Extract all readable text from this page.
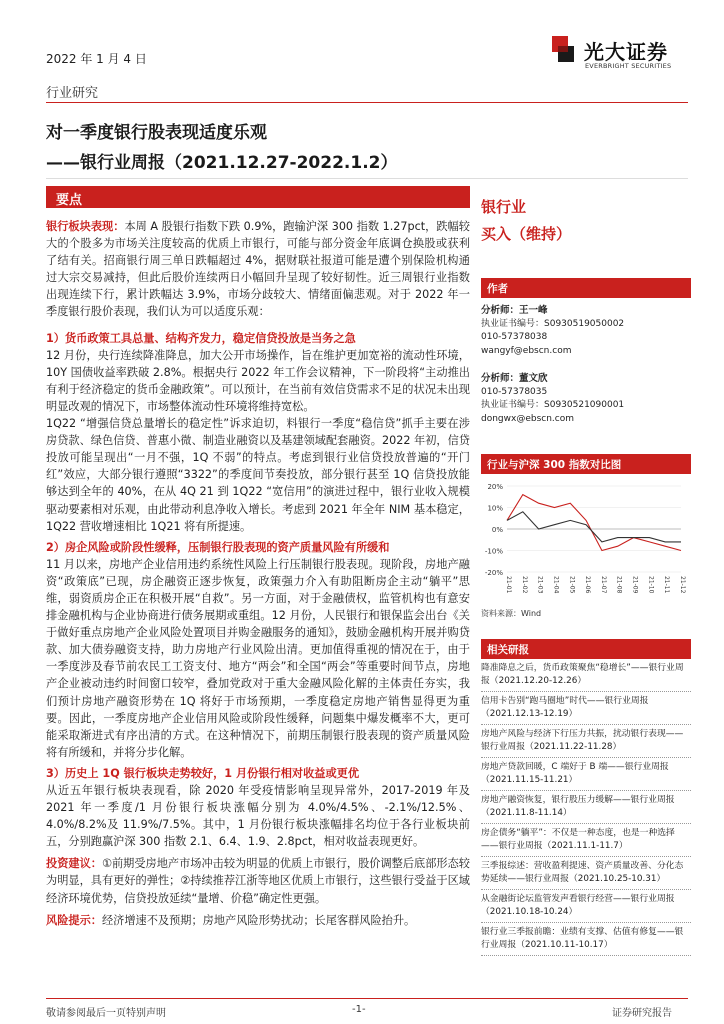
2022 年 1 月 4 日	光大证券
EVERBRIGHT SECURITIES
行业研究
对一季度银行股表现适度乐观
——银行业周报（2021.12.27-2022.1.2）
要点

银行板块表现：本周 A 股银行指数下跌 0.9%，跑输沪深 300 指数 1.27pct，跌幅较大的个股多为市场关注度较高的优质上市银行，可能与部分资金年底调仓换股或获利了结有关。招商银行周三单日跌幅超过 4%，据财联社报道可能是遭个别保险机构通过大宗交易减持，但此后股价连续两日小幅回升呈现了较好韧性。近三周银行业指数出现连续下行，累计跌幅达 3.9%，市场分歧较大、情绪面偏悲观。对于 2022 年一季度银行股价表现，我们认为可以适度乐观：

1）货币政策工具总量、结构齐发力，稳定信贷投放是当务之急

12 月份，央行连续降准降息，加大公开市场操作，旨在维护更加宽裕的流动性环境，10Y 国债收益率跌破 2.8%。根据央行 2022 年工作会议精神，下一阶段将“主动推出有利于经济稳定的货币金融政策”。可以预计，在当前有效信贷需求不足的状况未出现明显改观的情况下，市场整体流动性环境将维持宽松。

1Q22 “增强信贷总量增长的稳定性”诉求迫切，料银行一季度“稳信贷”抓手主要在涉房贷款、绿色信贷、普惠小微、制造业融资以及基建领域配套融资。2022 年初，信贷投放可能呈现出“一月不强，1Q 不弱”的特点。考虑到银行业信贷投放普遍的“开门红”效应，大部分银行遵照“3322”的季度间节奏投放，部分银行甚至 1Q 信贷投放能够达到全年的 40%，在从 4Q 21 到 1Q22 “宽信用”的演进过程中，银行业收入规模驱动要素相对乐观，由此带动利息净收入增长。考虑到 2021 年全年 NIM 基本稳定，1Q22 营收增速相比 1Q21 将有所提速。

2）房企风险或阶段性缓释，压制银行股表现的资产质量风险有所缓和

11 月以来，房地产企业信用违约系统性风险上行压制银行股表现。现阶段，房地产融资“政策底”已现，房企融资正逐步恢复，政策强力介入有助阻断房企主动“躺平”思维，弱资质房企正在积极开展“自救”。另一方面，对于金融债权，监管机构也有意安排金融机构与企业协商进行债务展期或重组。12 月份，人民银行和银保监会出台《关于做好重点房地产企业风险处置项目并购金融服务的通知》，鼓励金融机构开展并购贷款、加大债券融资支持，助力房地产行业风险出清。更加值得重视的情况在于，由于一季度涉及春节前农民工工资支付、地方“两会”和全国“两会”等重要时间节点，房地产企业被动违约时间窗口较窄，叠加党政对于重大金融风险化解的主体责任夯实，我们预计房地产融资形势在 1Q 将好于市场预期，一季度稳定房地产销售显得更为重要。因此，一季度房地产企业信用风险或阶段性缓释，问题集中爆发概率不大，更可能采取渐进式有序出清的方式。在这种情况下，前期压制银行股表现的资产质量风险将有所缓和，并将分步化解。

3）历史上 1Q 银行板块走势较好，1 月份银行相对收益或更优

从近五年银行板块表现看，除 2020 年受疫情影响呈现异常外，2017-2019 年及 2021 年一季度/1 月份银行板块涨幅分别为 4.0%/4.5%、-2.1%/12.5%、4.0%/8.2%及 11.9%/7.5%。其中，1 月份银行板块涨幅排名均位于各行业板块前五，分别跑赢沪深 300 指数 2.1、6.4、1.9、2.8pct，相对收益表现更好。

投资建议：①前期受房地产市场冲击较为明显的优质上市银行，股价调整后底部形态较为明显，具有更好的弹性；②持续推荐江浙等地区优质上市银行，这些银行受益于区域经济环境优势，信贷投放延续“量增、价稳”确定性更强。

风险提示：经济增速不及预期；房地产风险形势扰动；长尾客群风险抬升。

银行业
买入（维持）
作者
分析师：王一峰
执业证书编号：S0930519050002
010-57378038
wangyf@ebscn.com
分析师：董文欣
010-57378035
执业证书编号：S0930521090001
dongwx@ebscn.com
行业与沪深 300 指数对比图
20%
10%
0%
-10%
-20%
21-01 21-02 21-03 21-04 21-05 21-06 21-07 21-08 21-09 21-10 21-11 21-12
资料来源：Wind
相关研报
降准降息之后，货币政策聚焦“稳增长”——银行业周报（2021.12.20-12.26）
信用卡告别“跑马圈地”时代——银行业周报（2021.12.13-12.19）
房地产风险与经济下行压力共振，扰动银行表现——银行业周报（2021.11.22-11.28）
房地产贷款回暖，C 端好于 B 端——银行业周报（2021.11.15-11.21）
房地产融资恢复，银行股压力缓解——银行业周报（2021.11.8-11.14）
房企债务“躺平”：不仅是一种态度，也是一种选择——银行业周报（2021.11.1-11.7）
三季报综述：营收盈利提速、资产质量改善、分化态势延续——银行业周报（2021.10.25-10.31）
从金融街论坛监管发声看银行经营——银行业周报（2021.10.18-10.24）
银行业三季报前瞻：业绩有支撑、估值有修复——银行业周报（2021.10.11-10.17）
敬请参阅最后一页特别声明	-1-	证券研究报告
